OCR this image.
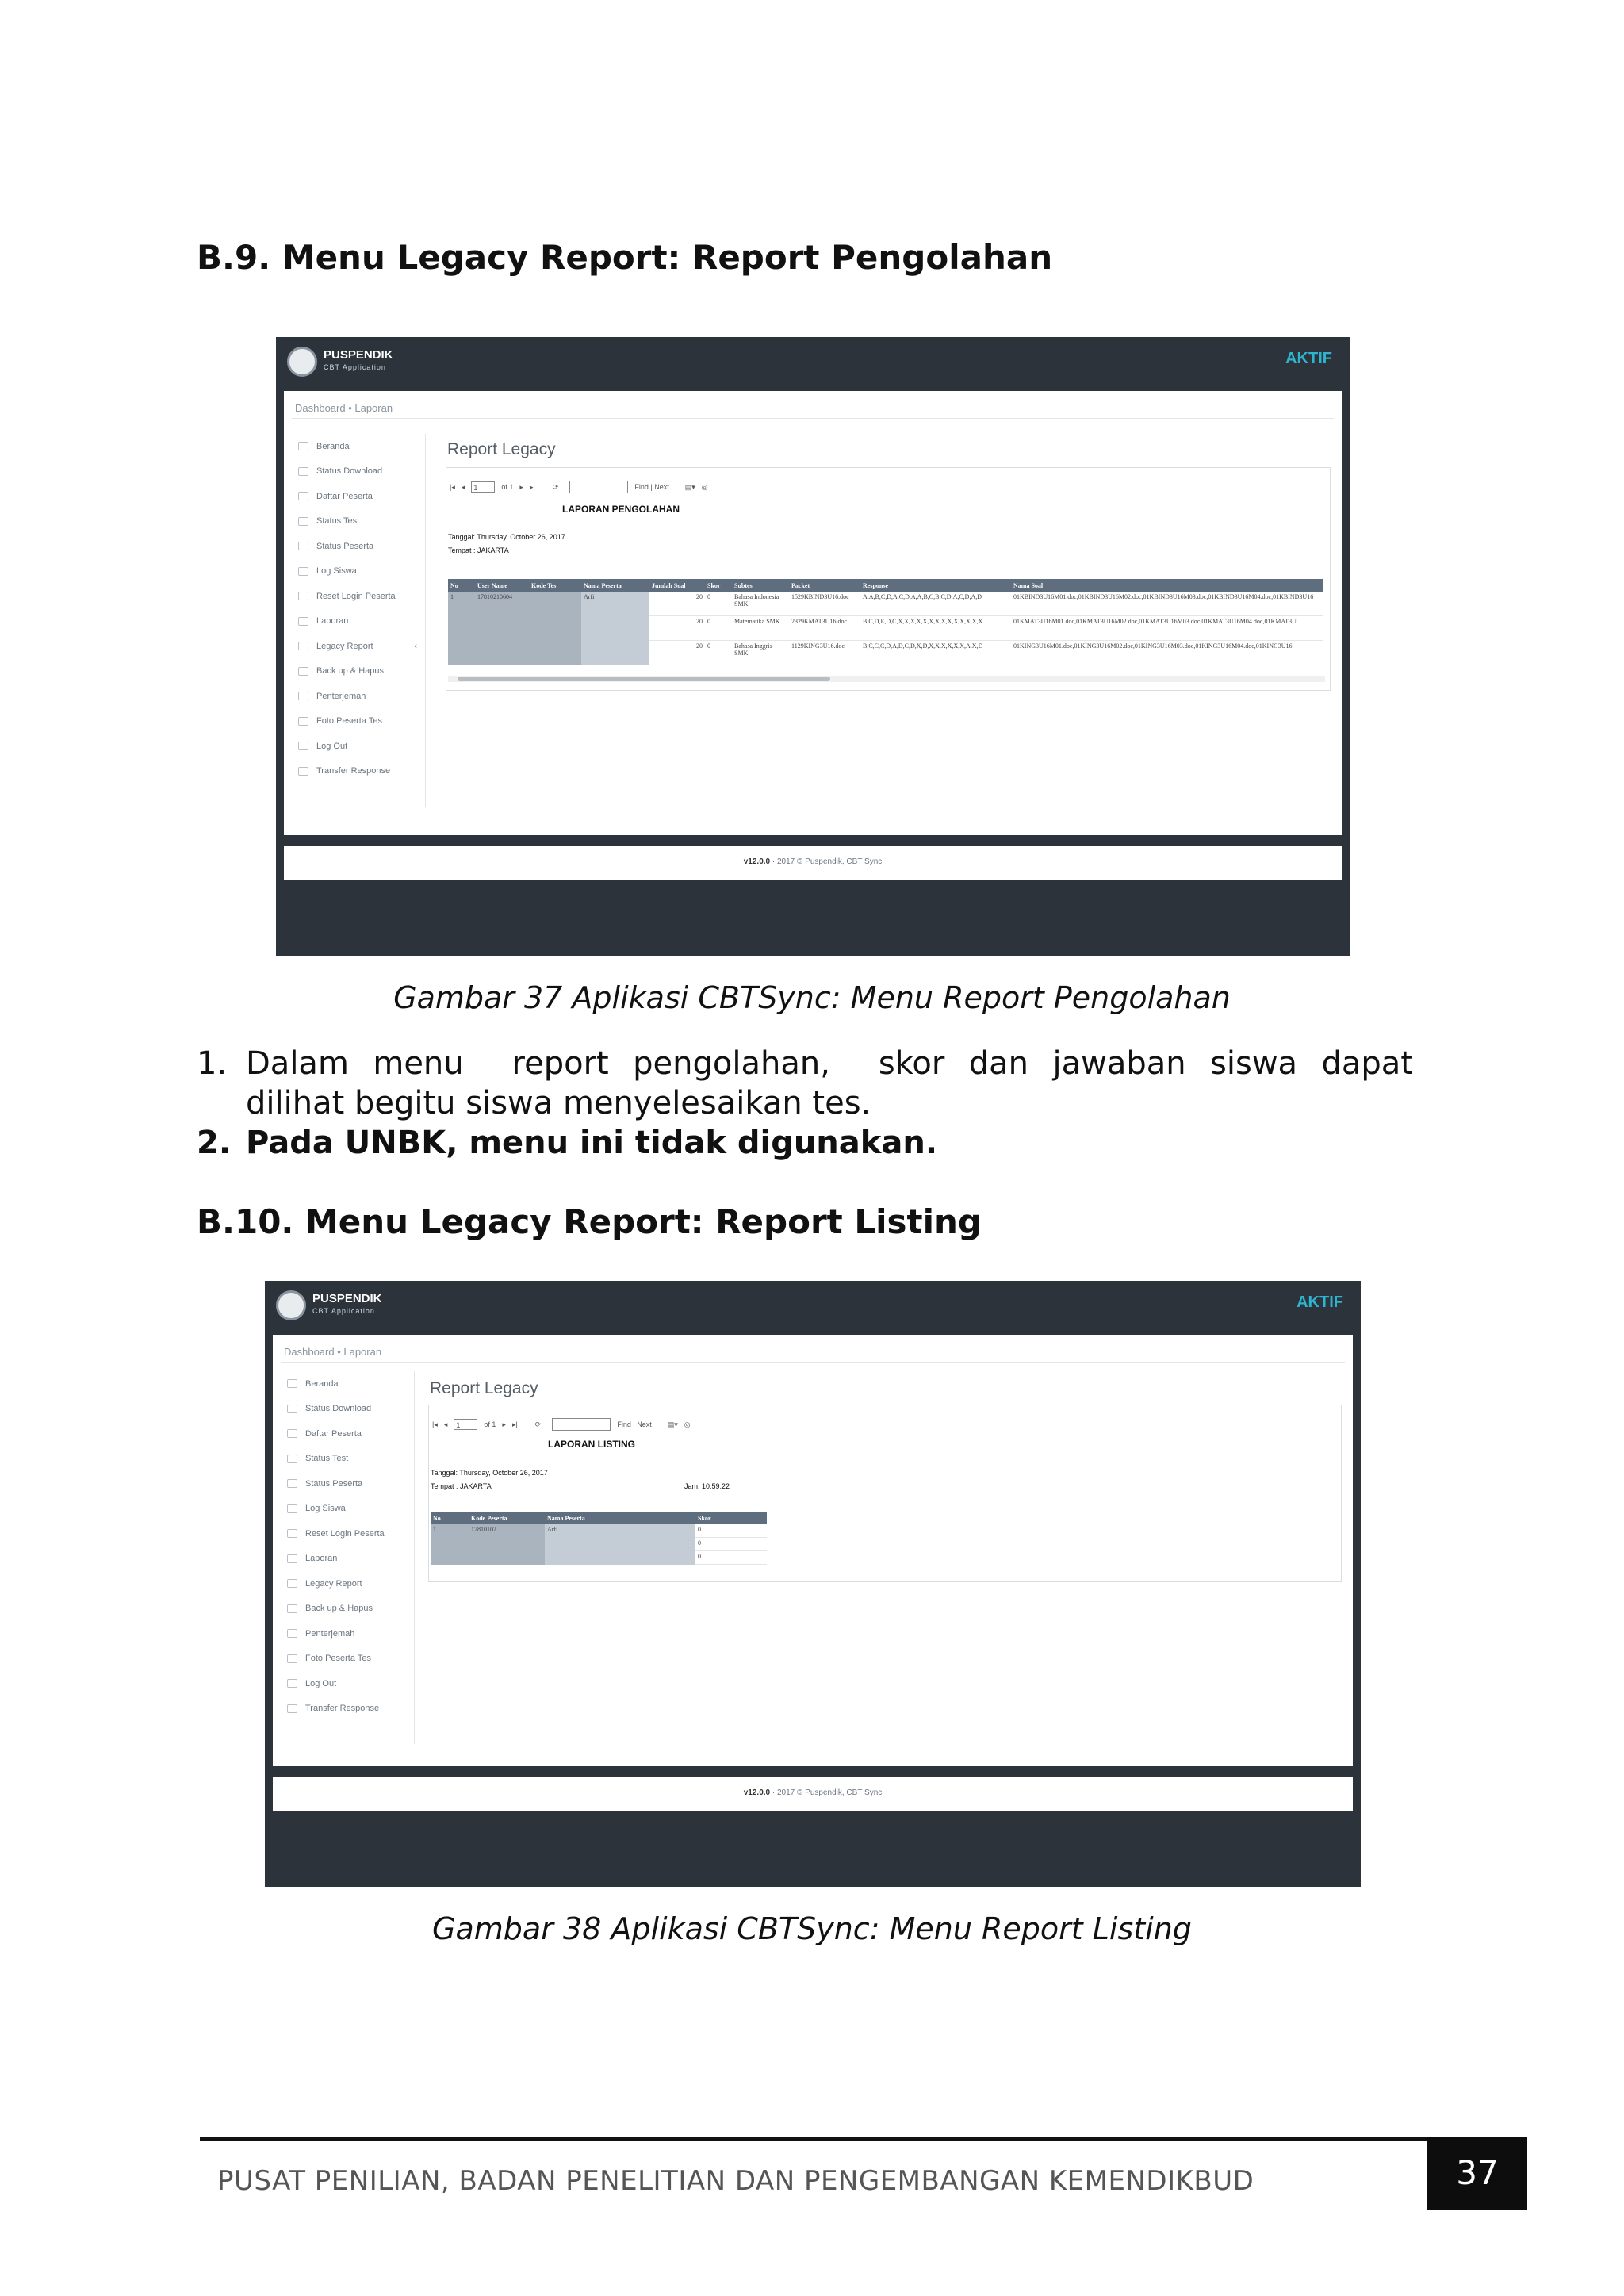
B.9. Menu Legacy Report: Report Pengolahan
PUSPENDIK
CBT Application	AKTIF
Dashboard • Laporan
Beranda
Status Download
Daftar Peserta
Status Test
Status Peserta
Log Siswa
Reset Login Peserta
Laporan
Legacy Report	‹
Back up & Hapus
Penterjemah
Foto Peserta Tes
Log Out
Transfer Response
Report Legacy
|◂ ◂	1	of 1 ▸ ▸| ⟳	Find | Next ▤▾ ◎
LAPORAN PENGOLAHAN
Tanggal: Thursday, October 26, 2017
Tempat : JAKARTA
No	User Name	Kode Tes	Nama Peserta	Jumlah Soal	Skor	Subtes	Packet	Response	Nama Soal
1	17810210604		Arfi	20	0	Bahasa Indonesia SMK	1529KBIND3U16.doc	A,A,B,C,D,A,C,D,A,A,B,C,B,C,D,A,C,D,A,D	01KBIND3U16M01.doc,01KBIND3U16M02.doc,01KBIND3U16M03.doc,01KBIND3U16M04.doc,01KBIND3U16
				20	0	Matematika SMK	2329KMAT3U16.doc	B,C,D,E,D,C,X,X,X,X,X,X,X,X,X,X,X,X,X,X	01KMAT3U16M01.doc,01KMAT3U16M02.doc,01KMAT3U16M03.doc,01KMAT3U16M04.doc,01KMAT3U
				20	0	Bahasa Inggris SMK	1129KING3U16.doc	B,C,C,C,D,A,D,C,D,X,D,X,X,X,X,X,X,A,X,D	01KING3U16M01.doc,01KING3U16M02.doc,01KING3U16M03.doc,01KING3U16M04.doc,01KING3U16
v12.0.0 · 2017 © Puspendik, CBT Sync
Gambar 37 Aplikasi CBTSync: Menu Report Pengolahan
1. Dalam menu  report pengolahan,  skor dan jawaban siswa dapat
dilihat begitu siswa menyelesaikan tes.
2. Pada UNBK, menu ini tidak digunakan.
B.10. Menu Legacy Report: Report Listing
PUSPENDIK
CBT Application	AKTIF
Dashboard • Laporan
Beranda
Status Download
Daftar Peserta
Status Test
Status Peserta
Log Siswa
Reset Login Peserta
Laporan
Legacy Report
Back up & Hapus
Penterjemah
Foto Peserta Tes
Log Out
Transfer Response
Report Legacy
|◂ ◂	1	of 1 ▸ ▸| ⟳	Find | Next ▤▾ ◎
LAPORAN LISTING
Tanggal: Thursday, October 26, 2017
Tempat : JAKARTA	Jam: 10:59:22
No	Kode Peserta	Nama Peserta	Skor
1	17810102	Arfi	0
			0
			0
v12.0.0 · 2017 © Puspendik, CBT Sync
Gambar 38 Aplikasi CBTSync: Menu Report Listing
PUSAT PENILIAN, BADAN PENELITIAN DAN PENGEMBANGAN KEMENDIKBUD	37
